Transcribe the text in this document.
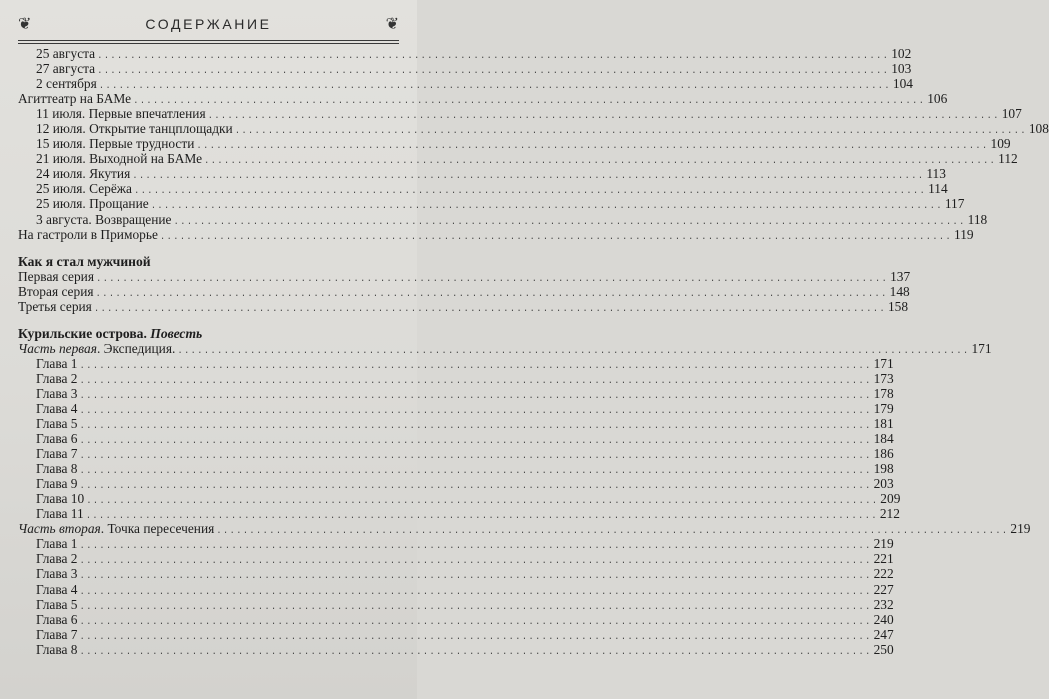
❦	СОДЕРЖАНИЕ	❦
25 августа ........................................................................................................................ 102
27 августа ........................................................................................................................ 103
2 сентября ........................................................................................................................ 104
Агиттеатр на БАМе ........................................................................................................................ 106
11 июля. Первые впечатления ........................................................................................................................ 107
12 июля. Открытие танцплощадки ........................................................................................................................ 108
15 июля. Первые трудности ........................................................................................................................ 109
21 июля. Выходной на БАМе ........................................................................................................................ 112
24 июля. Якутия ........................................................................................................................ 113
25 июля. Серёжа ........................................................................................................................ 114
25 июля. Прощание ........................................................................................................................ 117
3 августа. Возвращение ........................................................................................................................ 118
На гастроли в Приморье ........................................................................................................................ 119
Как я стал мужчиной
Первая серия ........................................................................................................................ 137
Вторая серия ........................................................................................................................ 148
Третья серия ........................................................................................................................ 158
Курильские острова. Повесть
Часть первая. Экспедиция. ........................................................................................................................ 171
Глава 1 ........................................................................................................................ 171
Глава 2 ........................................................................................................................ 173
Глава 3 ........................................................................................................................ 178
Глава 4 ........................................................................................................................ 179
Глава 5 ........................................................................................................................ 181
Глава 6 ........................................................................................................................ 184
Глава 7 ........................................................................................................................ 186
Глава 8 ........................................................................................................................ 198
Глава 9 ........................................................................................................................ 203
Глава 10 ........................................................................................................................ 209
Глава 11 ........................................................................................................................ 212
Часть вторая. Точка пересечения ........................................................................................................................ 219
Глава 1 ........................................................................................................................ 219
Глава 2 ........................................................................................................................ 221
Глава 3 ........................................................................................................................ 222
Глава 4 ........................................................................................................................ 227
Глава 5 ........................................................................................................................ 232
Глава 6 ........................................................................................................................ 240
Глава 7 ........................................................................................................................ 247
Глава 8 ........................................................................................................................ 250
